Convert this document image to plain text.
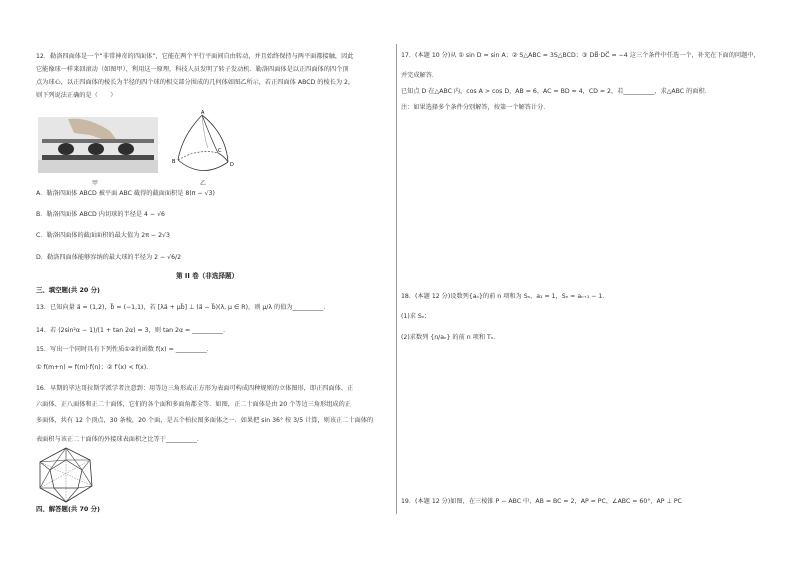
12．勒洛四面体是一个“非常神奇的四面体”，它能在两个平行平面间自由转动，并且始终保持与两平面都接触，因此
它能像球一样来回滚动（如图甲），利用这一原理，科技人员发明了转子发动机．勒洛四面体是以正四面体的四个顶
点为球心，以正四面体的棱长为半径的四个球的相交部分围成的几何体如图乙所示，若正四面体 ABCD 的棱长为 2，
则下列说法正确的是（　　）
甲
A
B
C
D
乙
A．勒洛四面体 ABCD 被平面 ABC 截得的截面面积是 8(π − √3)
B．勒洛四面体 ABCD 内切球的半径是 4 − √6
C．勒洛四面体的截面面积的最大值为 2π − 2√3
D．勒洛四面体能够容纳的最大球的半径为 2 − √6/2
第 II 卷（非选择题）
三、填空题(共 20 分)
13．已知向量 a⃗ = (1,2)，b⃗ = (−1,1)，若 [λa⃗ + μb⃗] ⊥ (a⃗ − b⃗)(λ, μ ∈ R)，则 μ/λ 的值为__________．
14．若 (2sin²α − 1)/(1 + tan 2α) = 3，则 tan 2α = __________．
15．写出一个同时具有下列性质①②的函数 f(x) = __________．
① f(m+n) = f(m)·f(n)；② f′(x) < f(x)．
16．早期的毕达哥拉斯学派学者注意到：用等边三角形或正方形为表面可构成四种规则的立体图形，即正四面体、正
六面体、正八面体和正二十面体，它们的各个面和多面角都全等．如图，正二十面体是由 20 个等边三角形组成的正
多面体，共有 12 个顶点，30 条棱，20 个面，是五个柏拉图多面体之一．如果把 sin 36° 按 3/5 计算，则该正二十面体的
表面积与该正二十面体的外接球表面积之比等于__________．
四、解答题(共 70 分)
17．(本题 10 分)从 ① sin D = sin A；② S△ABC = 3S△BCD；③ DB⃗·DC⃗ = −4 这三个条件中任选一个，补充在下面的问题中，
并完成解答．
已知点 D 在△ABC 内，cos A > cos D，AB = 6，AC = BD = 4，CD = 2，若__________，求△ABC 的面积．
注：如果选择多个条件分别解答，按第一个解答计分．
18．(本题 12 分)设数列{aₙ}的前 n 项和为 Sₙ，a₁ = 1，Sₙ = aₙ₊₁ − 1．
(1)求 Sₙ；
(2)求数列 {n/aₙ} 的前 n 项和 Tₙ．
19．(本题 12 分)如图，在三棱锥 P − ABC 中，AB = BC = 2，AP = PC，∠ABC = 60°，AP ⊥ PC
